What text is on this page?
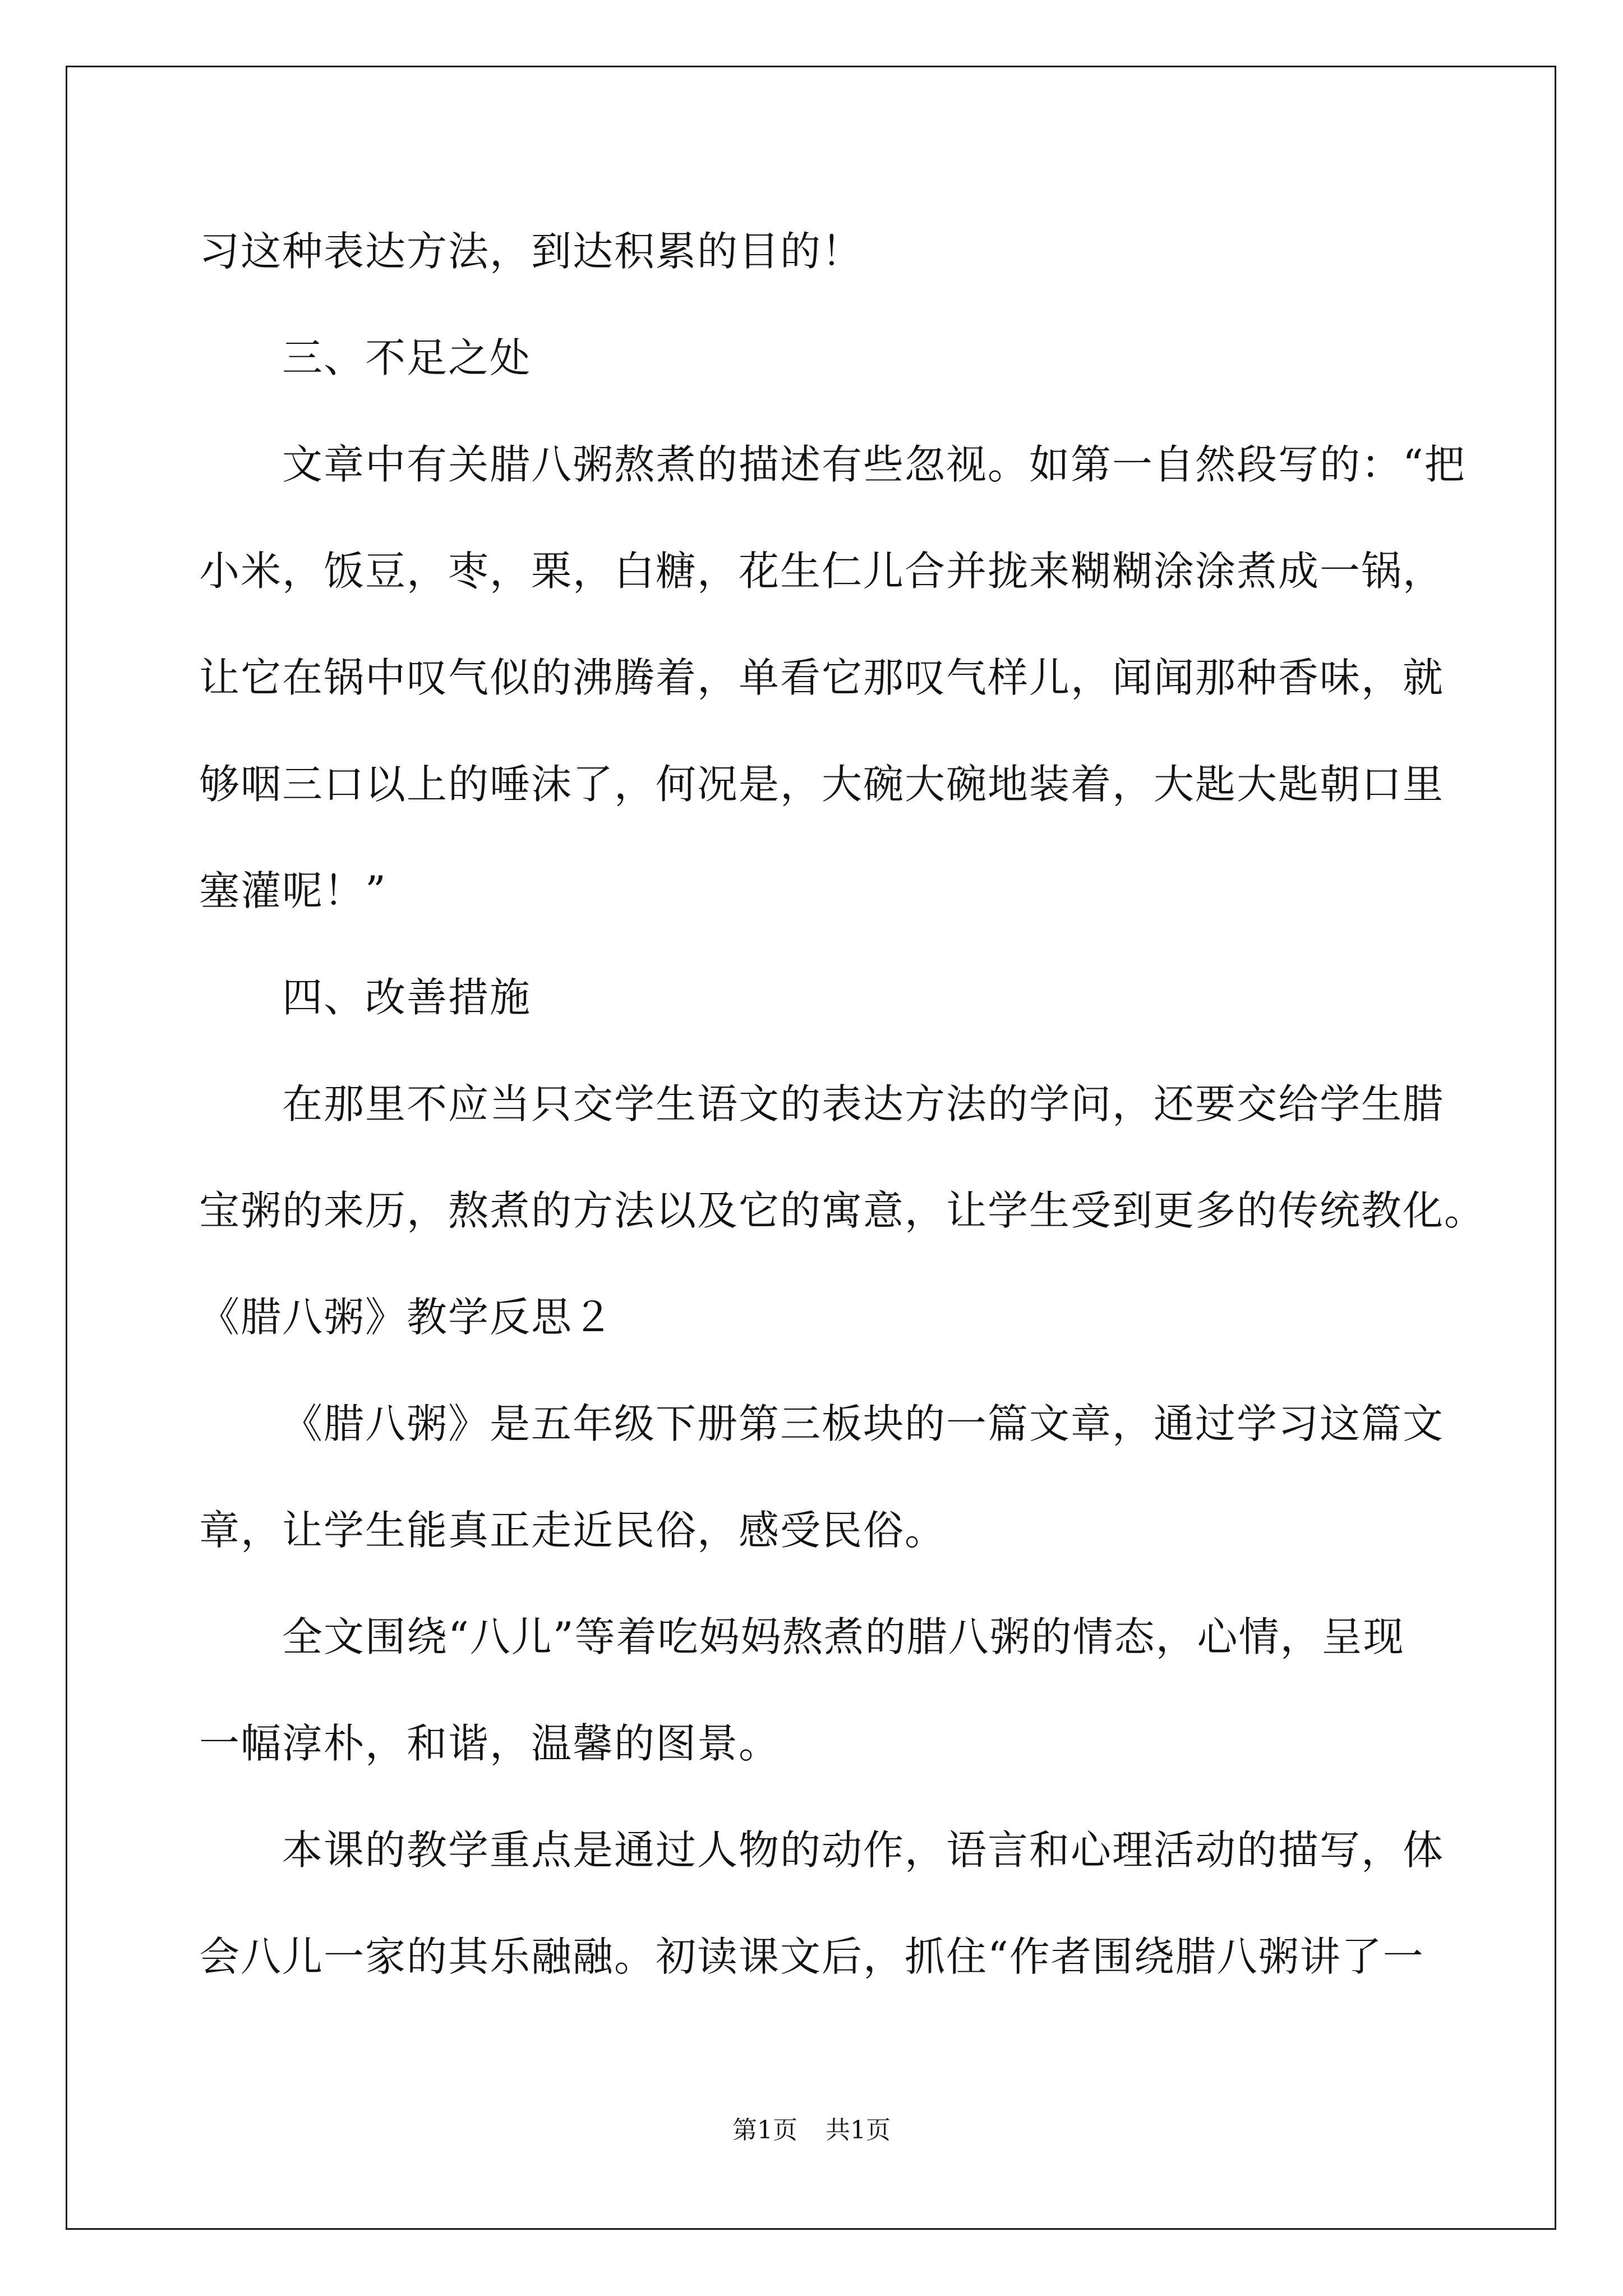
习这种表达方法，到达积累的目的！
三、不足之处
文章中有关腊八粥熬煮的描述有些忽视。如第一自然段写的：“把
小米，饭豆，枣，栗，白糖，花生仁儿合并拢来糊糊涂涂煮成一锅，
让它在锅中叹气似的沸腾着，单看它那叹气样儿，闻闻那种香味，就
够咽三口以上的唾沫了，何况是，大碗大碗地装着，大匙大匙朝口里
塞灌呢！”
四、改善措施
在那里不应当只交学生语文的表达方法的学问，还要交给学生腊
宝粥的来历，熬煮的方法以及它的寓意，让学生受到更多的传统教化。
《腊八粥》教学反思２
《腊八粥》是五年级下册第三板块的一篇文章，通过学习这篇文
章，让学生能真正走近民俗，感受民俗。
全文围绕“八儿”等着吃妈妈熬煮的腊八粥的情态，心情，呈现
一幅淳朴，和谐，温馨的图景。
本课的教学重点是通过人物的动作，语言和心理活动的描写，体
会八儿一家的其乐融融。初读课文后，抓住“作者围绕腊八粥讲了一
第1页 共1页
